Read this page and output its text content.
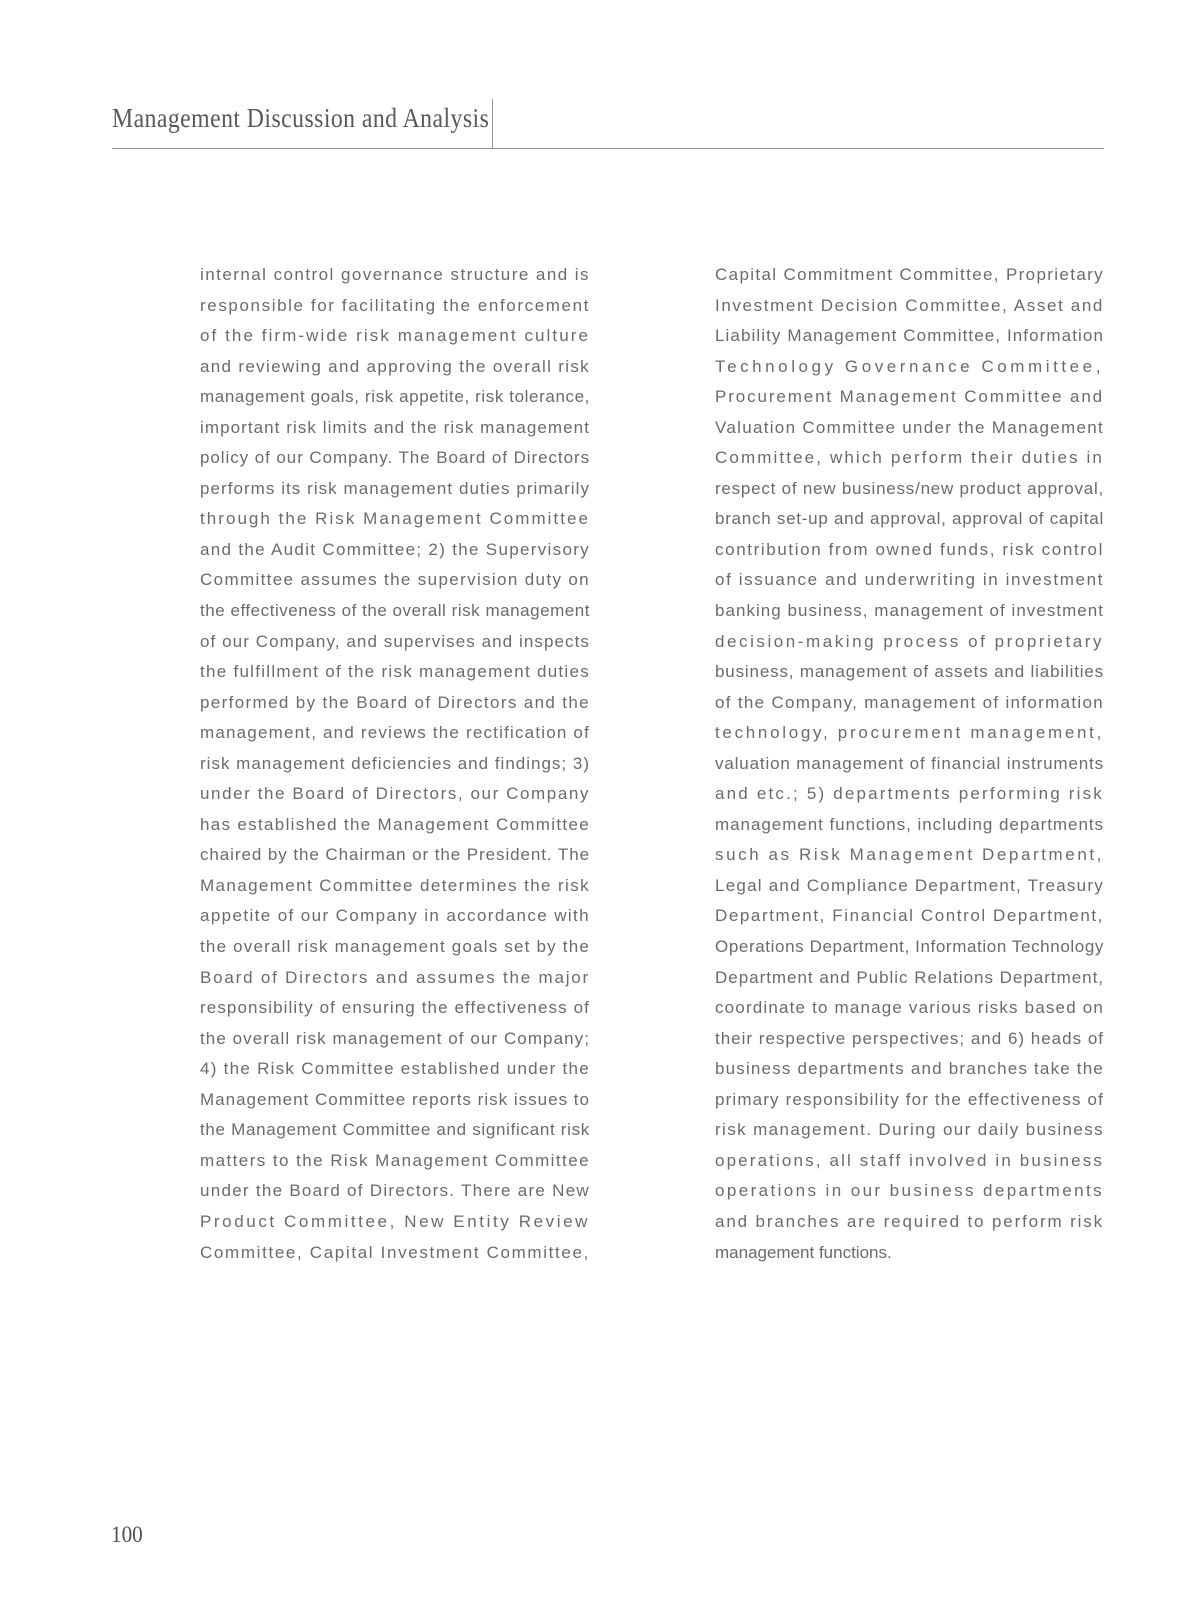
Management Discussion and Analysis
internal control governance structure and is
responsible for facilitating the enforcement
of the firm-wide risk management culture
and reviewing and approving the overall risk
management goals, risk appetite, risk tolerance,
important risk limits and the risk management
policy of our Company. The Board of Directors
performs its risk management duties primarily
through the Risk Management Committee
and the Audit Committee; 2) the Supervisory
Committee assumes the supervision duty on
the effectiveness of the overall risk management
of our Company, and supervises and inspects
the fulfillment of the risk management duties
performed by the Board of Directors and the
management, and reviews the rectification of
risk management deficiencies and findings; 3)
under the Board of Directors, our Company
has established the Management Committee
chaired by the Chairman or the President. The
Management Committee determines the risk
appetite of our Company in accordance with
the overall risk management goals set by the
Board of Directors and assumes the major
responsibility of ensuring the effectiveness of
the overall risk management of our Company;
4) the Risk Committee established under the
Management Committee reports risk issues to
the Management Committee and significant risk
matters to the Risk Management Committee
under the Board of Directors. There are New
Product Committee, New Entity Review
Committee, Capital Investment Committee,
Capital Commitment Committee, Proprietary
Investment Decision Committee, Asset and
Liability Management Committee, Information
Technology Governance Committee,
Procurement Management Committee and
Valuation Committee under the Management
Committee, which perform their duties in
respect of new business/new product approval,
branch set-up and approval, approval of capital
contribution from owned funds, risk control
of issuance and underwriting in investment
banking business, management of investment
decision-making process of proprietary
business, management of assets and liabilities
of the Company, management of information
technology, procurement management,
valuation management of financial instruments
and etc.; 5) departments performing risk
management functions, including departments
such as Risk Management Department,
Legal and Compliance Department, Treasury
Department, Financial Control Department,
Operations Department, Information Technology
Department and Public Relations Department,
coordinate to manage various risks based on
their respective perspectives; and 6) heads of
business departments and branches take the
primary responsibility for the effectiveness of
risk management. During our daily business
operations, all staff involved in business
operations in our business departments
and branches are required to perform risk
management functions.
100
